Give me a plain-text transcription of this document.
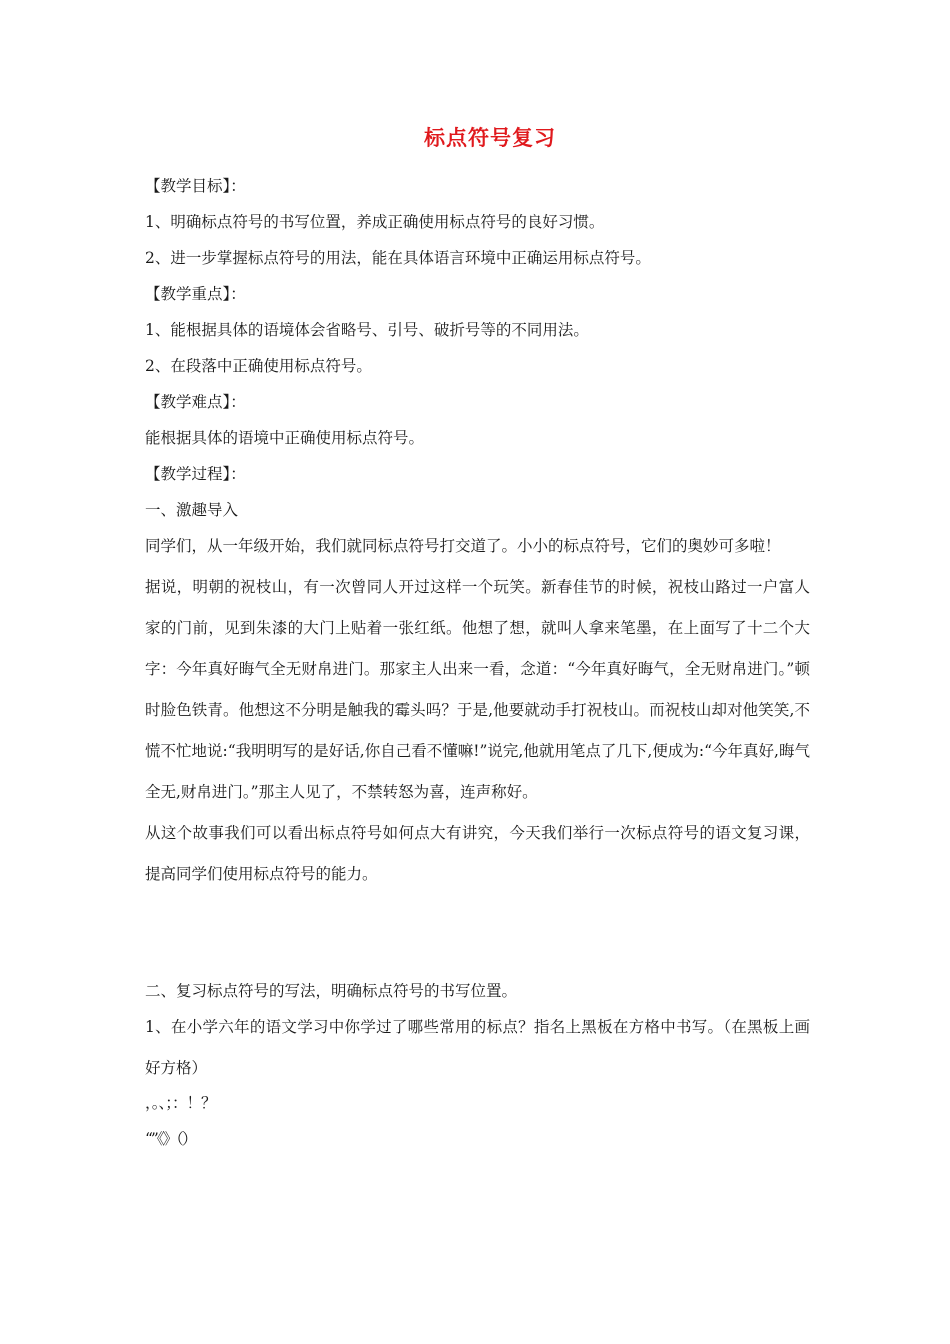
标点符号复习

【教学目标】：

1、明确标点符号的书写位置，养成正确使用标点符号的良好习惯。

2、进一步掌握标点符号的用法，能在具体语言环境中正确运用标点符号。

【教学重点】：

1、能根据具体的语境体会省略号、引号、破折号等的不同用法。

2、在段落中正确使用标点符号。

【教学难点】：

能根据具体的语境中正确使用标点符号。

【教学过程】：

一、激趣导入

同学们，从一年级开始，我们就同标点符号打交道了。小小的标点符号，它们的奥妙可多啦！

据说，明朝的祝枝山，有一次曾同人开过这样一个玩笑。新春佳节的时候，祝枝山路过一户富人家的门前，见到朱漆的大门上贴着一张红纸。他想了想，就叫人拿来笔墨，在上面写了十二个大字：今年真好晦气全无财帛进门。那家主人出来一看，念道：“今年真好晦气，全无财帛进门。”顿时脸色铁青。他想这不分明是触我的霉头吗？于是,他要就动手打祝枝山。而祝枝山却对他笑笑,不慌不忙地说:“我明明写的是好话,你自己看不懂嘛!”说完,他就用笔点了几下,便成为:“今年真好,晦气全无,财帛进门。”那主人见了，不禁转怒为喜，连声称好。

从这个故事我们可以看出标点符号如何点大有讲究，今天我们举行一次标点符号的语文复习课，提高同学们使用标点符号的能力。

二、复习标点符号的写法，明确标点符号的书写位置。

1、在小学六年的语文学习中你学过了哪些常用的标点？指名上黑板在方格中书写。（在黑板上画好方格）

，。、；：！？

“”《》（）
